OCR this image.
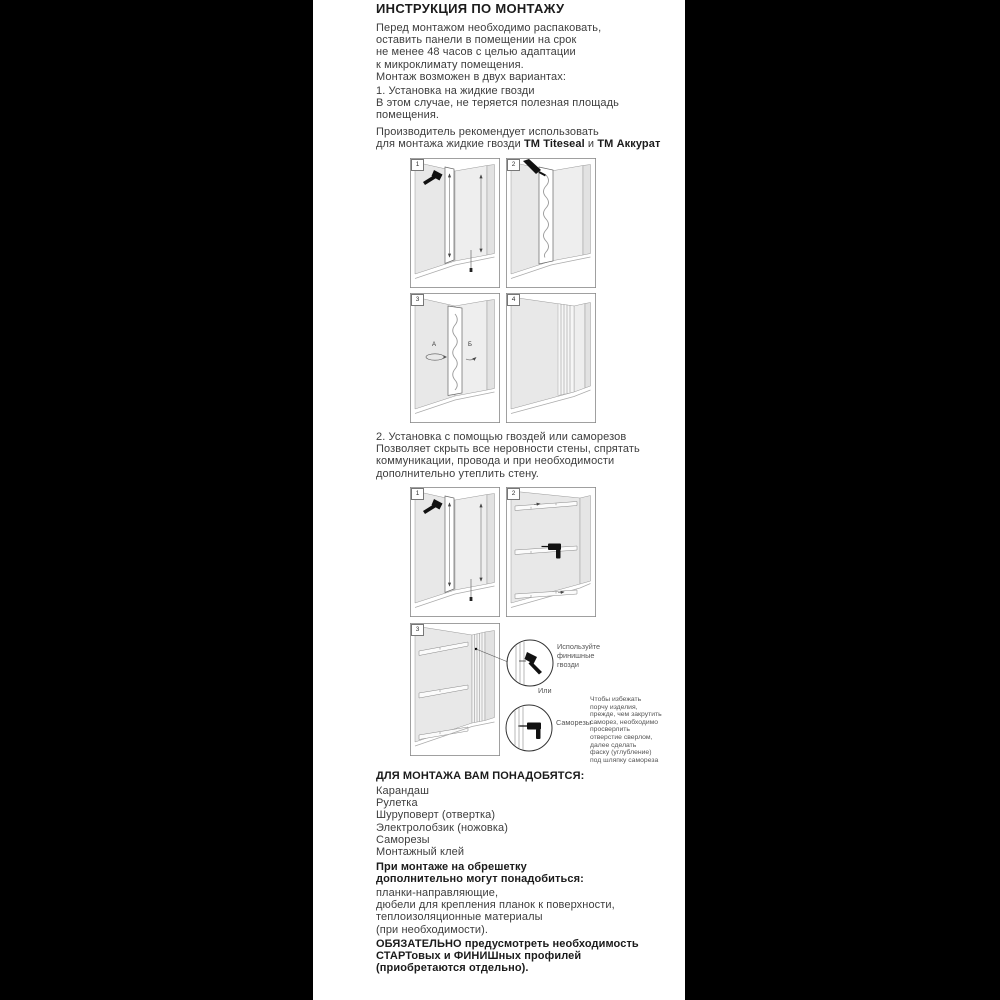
ИНСТРУКЦИЯ ПО МОНТАЖУ
Перед монтажом необходимо распаковать,
оставить панели в помещении на срок
не менее 48 часов с целью адаптации
к микроклимату помещения.
Монтаж возможен в двух вариантах:
1. Установка на жидкие гвозди
В этом случае, не теряется полезная площадь
помещения.
Производитель рекомендует использовать
для монтажа жидкие гвозди ТМ Titeseal и ТМ Аккурат
1	2
3
А	Б
4
2. Установка с помощью гвоздей или саморезов
Позволяет скрыть все неровности стены, спрятать
коммуникации, провода и при необходимости
дополнительно утеплить стену.
1	2
3
Используйте
финишные
гвозди
Или
Саморезы
Чтобы избежать
порчу изделия,
прежде, чем закрутить
саморез, необходимо
просверлить
отверстие сверлом,
далее сделать
фаску (углубление)
под шляпку самореза
ДЛЯ МОНТАЖА ВАМ ПОНАДОБЯТСЯ:
Карандаш
Рулетка
Шуруповерт (отвертка)
Электролобзик (ножовка)
Саморезы
Монтажный клей
При монтаже на обрешетку
дополнительно могут понадобиться:
планки-направляющие,
дюбели для крепления планок к поверхности,
теплоизоляционные материалы
(при необходимости).
ОБЯЗАТЕЛЬНО предусмотреть необходимость
СТАРТовых и ФИНИШных профилей
(приобретаются отдельно).
